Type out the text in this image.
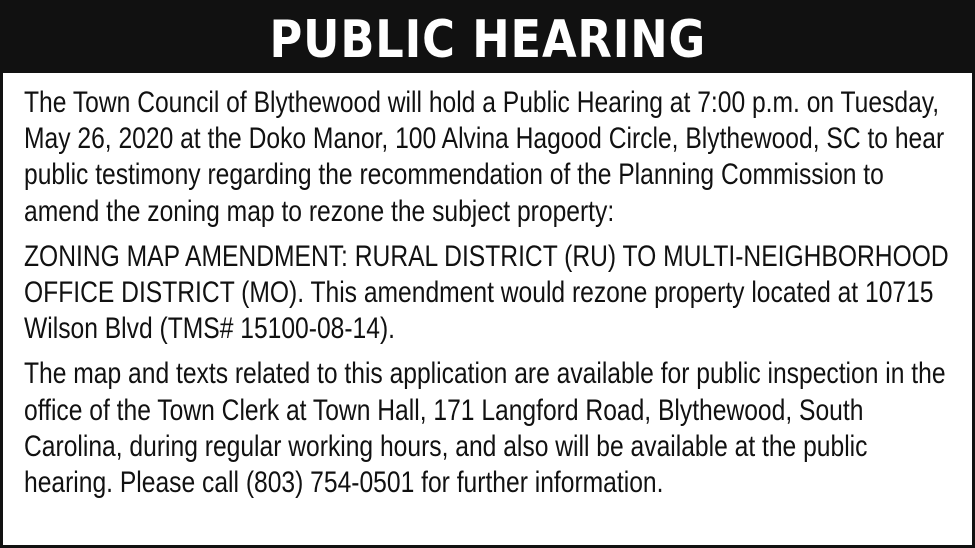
PUBLIC HEARING

The Town Council of Blythewood will hold a Public Hearing at 7:00 p.m. on Tuesday, May 26, 2020 at the Doko Manor, 100 Alvina Hagood Circle, Blythewood, SC to hear public testimony regarding the recommendation of the Planning Commission to amend the zoning map to rezone the subject property:

ZONING MAP AMENDMENT: RURAL DISTRICT (RU) TO MULTI-NEIGHBORHOOD OFFICE DISTRICT (MO). This amendment would rezone property located at 10715 Wilson Blvd (TMS# 15100-08-14).

The map and texts related to this application are available for public inspection in the office of the Town Clerk at Town Hall, 171 Langford Road, Blythewood, South Carolina, during regular working hours, and also will be available at the public hearing. Please call (803) 754-0501 for further information.
